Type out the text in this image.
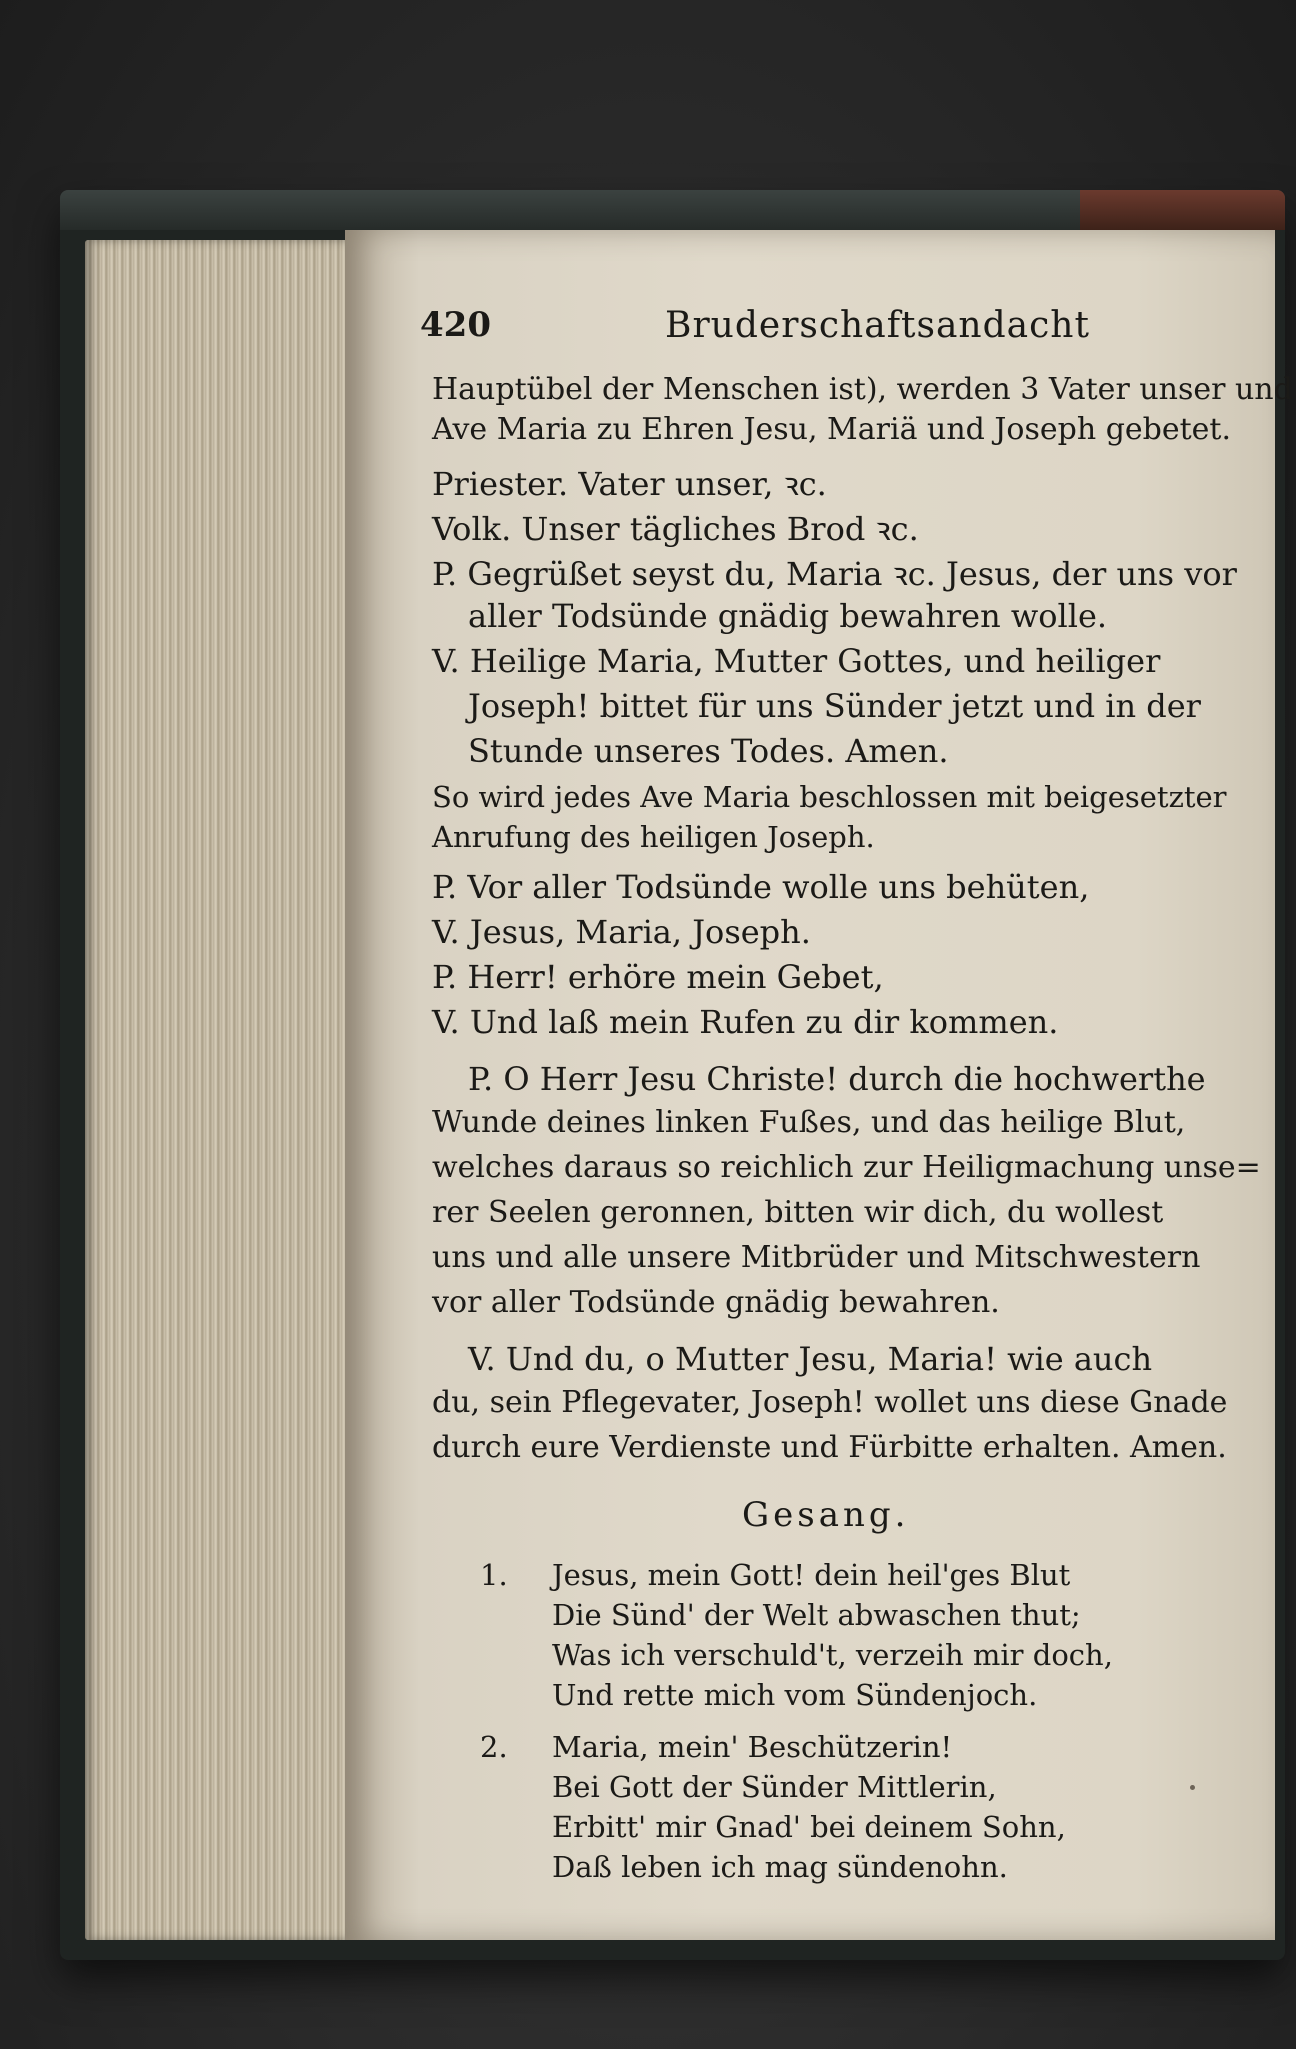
420	Bruderschaftsandacht
Hauptübel der Menschen ist), werden 3 Vater unser und
Ave Maria zu Ehren Jesu, Mariä und Joseph gebetet.
Priester. Vater unser, ꝛc.
Volk. Unser tägliches Brod ꝛc.
P. Gegrüßet seyst du, Maria ꝛc. Jesus, der uns vor
aller Todsünde gnädig bewahren wolle.
V. Heilige Maria, Mutter Gottes, und heiliger
Joseph! bittet für uns Sünder jetzt und in der
Stunde unseres Todes. Amen.
So wird jedes Ave Maria beschlossen mit beigesetzter
Anrufung des heiligen Joseph.
P. Vor aller Todsünde wolle uns behüten,
V. Jesus, Maria, Joseph.
P. Herr! erhöre mein Gebet,
V. Und laß mein Rufen zu dir kommen.
P. O Herr Jesu Christe! durch die hochwerthe
Wunde deines linken Fußes, und das heilige Blut,
welches daraus so reichlich zur Heiligmachung unse=
rer Seelen geronnen, bitten wir dich, du wollest
uns und alle unsere Mitbrüder und Mitschwestern
vor aller Todsünde gnädig bewahren.
V. Und du, o Mutter Jesu, Maria! wie auch
du, sein Pflegevater, Joseph! wollet uns diese Gnade
durch eure Verdienste und Fürbitte erhalten. Amen.
Gesang.
1. Jesus, mein Gott! dein heil'ges Blut
Die Sünd' der Welt abwaschen thut;
Was ich verschuld't, verzeih mir doch,
Und rette mich vom Sündenjoch.
2. Maria, mein' Beschützerin!
Bei Gott der Sünder Mittlerin,
Erbitt' mir Gnad' bei deinem Sohn,
Daß leben ich mag sündenohn.
